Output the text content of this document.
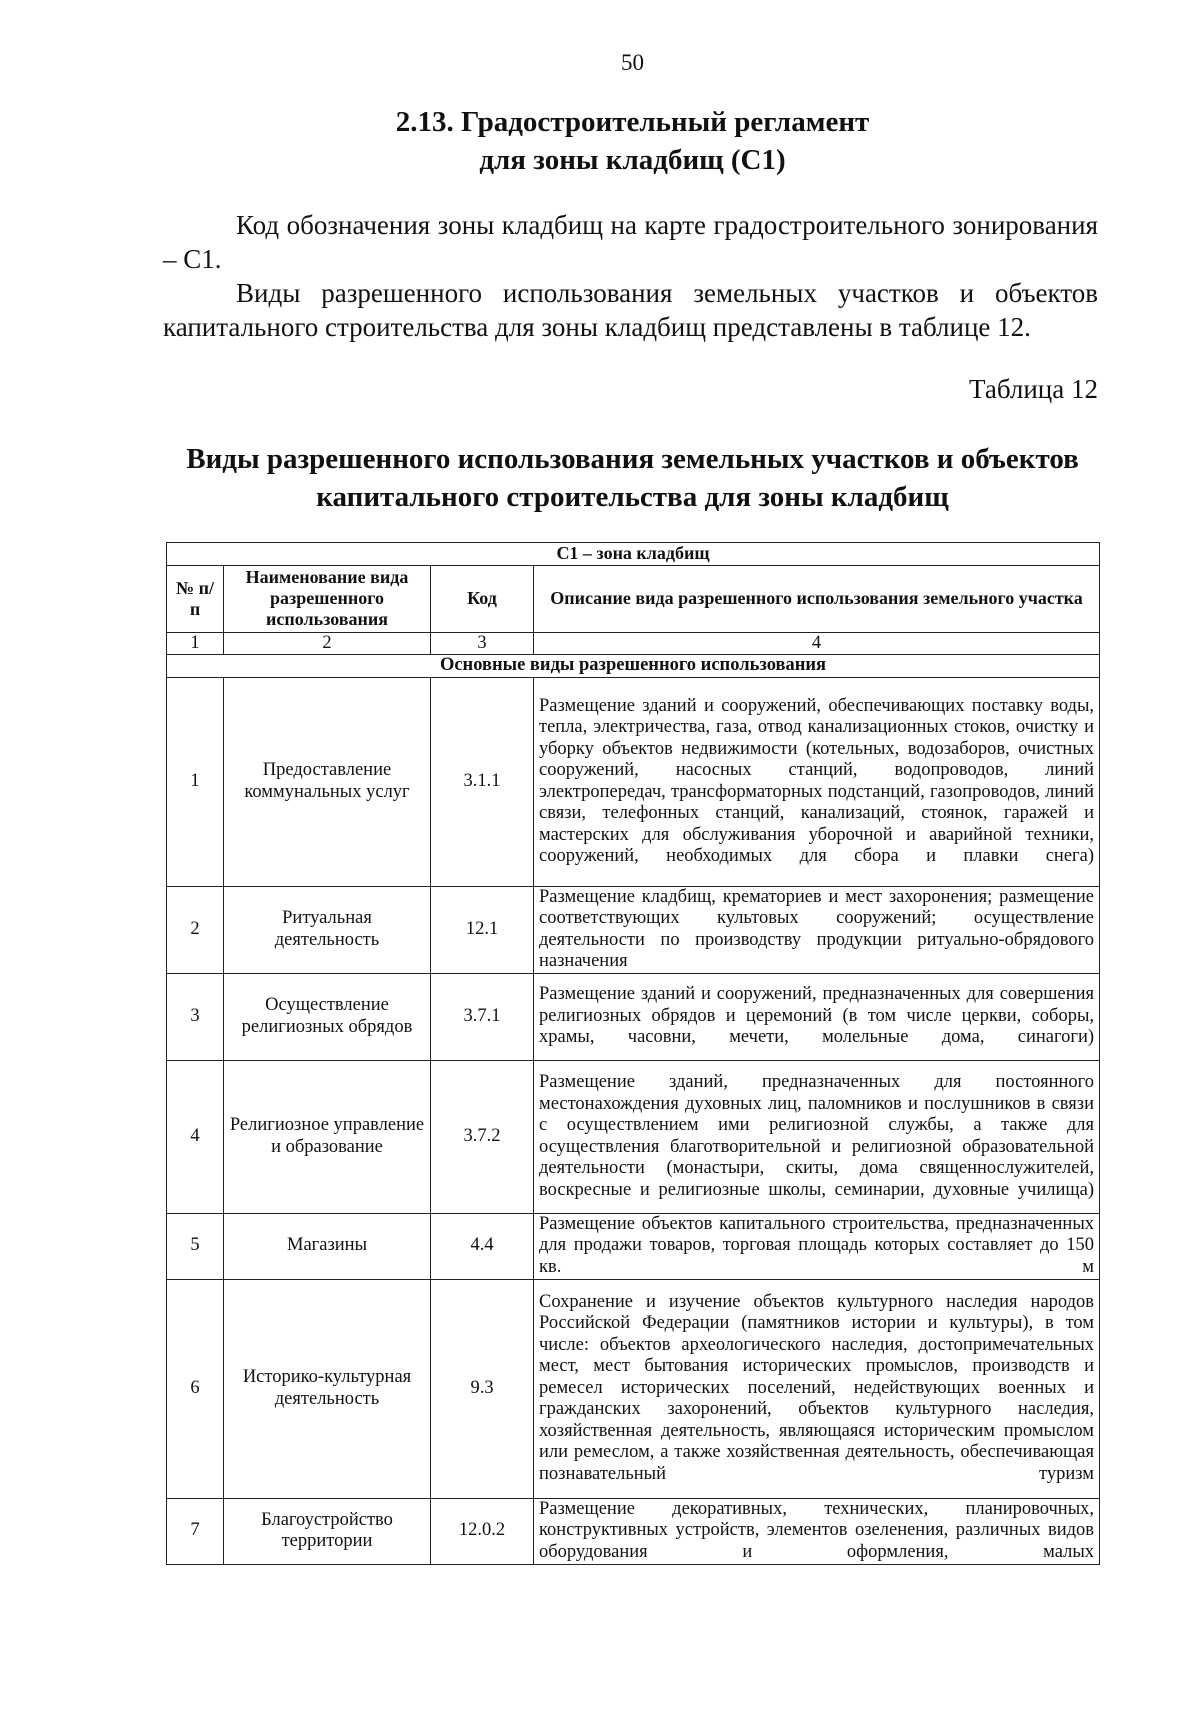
50
2.13. Градостроительный регламент
для зоны кладбищ (С1)
Код обозначения зоны кладбищ на карте градостроительного зонирования – С1.
Виды разрешенного использования земельных участков и объектов капитального строительства для зоны кладбищ представлены в таблице 12.
Таблица 12
Виды разрешенного использования земельных участков и объектов
капитального строительства для зоны кладбищ
С1 – зона кладбищ			
№ п/п	Наименование вида разрешенного использования	Код	Описание вида разрешенного использования земельного участка
1	2	3	4
Основные виды разрешенного использования			
1	Предоставление коммунальных услуг	3.1.1	Размещение зданий и сооружений, обеспечивающих поставку воды, тепла, электричества, газа, отвод канализационных стоков, очистку и уборку объектов недвижимости (котельных, водозаборов, очистных сооружений, насосных станций, водопроводов, линий электропередач, трансформаторных подстанций, газопроводов, линий связи, телефонных станций, канализаций, стоянок, гаражей и мастерских для обслуживания уборочной и аварийной техники, сооружений, необходимых для сбора и плавки снега)
2	Ритуальная деятельность	12.1	Размещение кладбищ, крематориев и мест захоронения; размещение соответствующих культовых сооружений; осуществление деятельности по производству продукции ритуально-обрядового назначения
3	Осуществление религиозных обрядов	3.7.1	Размещение зданий и сооружений, предназначенных для совершения религиозных обрядов и церемоний (в том числе церкви, соборы, храмы, часовни, мечети, молельные дома, синагоги)
4	Религиозное управление и образование	3.7.2	Размещение зданий, предназначенных для постоянного местонахождения духовных лиц, паломников и послушников в связи с осуществлением ими религиозной службы, а также для осуществления благотворительной и религиозной образовательной деятельности (монастыри, скиты, дома священнослужителей, воскресные и религиозные школы, семинарии, духовные училища)
5	Магазины	4.4	Размещение объектов капитального строительства, предназначенных для продажи товаров, торговая площадь которых составляет до 150 кв. м
6	Историко-культурная деятельность	9.3	Сохранение и изучение объектов культурного наследия народов Российской Федерации (памятников истории и культуры), в том числе: объектов археологического наследия, достопримечательных мест, мест бытования исторических промыслов, производств и ремесел исторических поселений, недействующих военных и гражданских захоронений, объектов культурного наследия, хозяйственная деятельность, являющаяся историческим промыслом или ремеслом, а также хозяйственная деятельность, обеспечивающая познавательный туризм
7	Благоустройство территории	12.0.2	Размещение декоративных, технических, планировочных, конструктивных устройств, элементов озеленения, различных видов оборудования и оформления, малых
